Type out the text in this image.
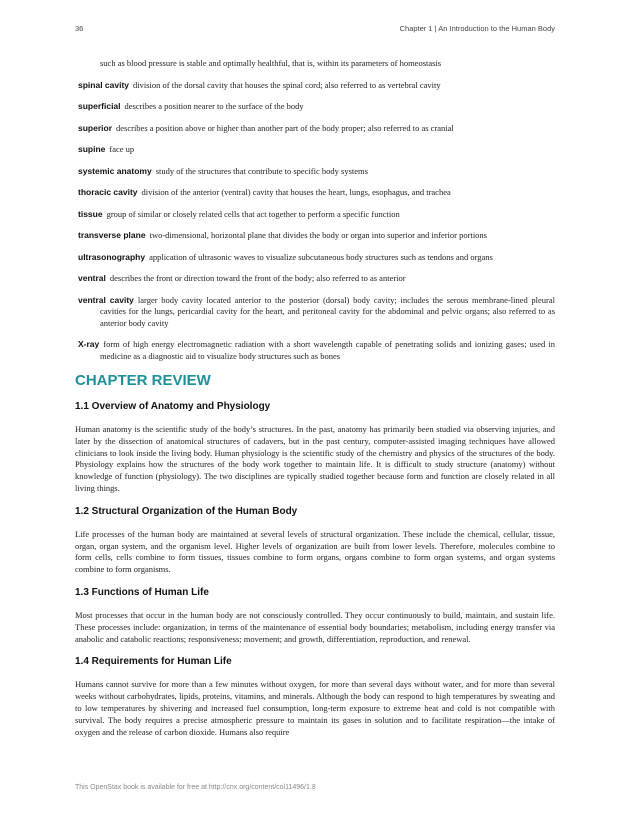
36	Chapter 1 | An Introduction to the Human Body

such as blood pressure is stable and optimally healthful, that is, within its parameters of homeostasis

spinal cavity division of the dorsal cavity that houses the spinal cord; also referred to as vertebral cavity

superficial describes a position nearer to the surface of the body

superior describes a position above or higher than another part of the body proper; also referred to as cranial

supine face up

systemic anatomy study of the structures that contribute to specific body systems

thoracic cavity division of the anterior (ventral) cavity that houses the heart, lungs, esophagus, and trachea

tissue group of similar or closely related cells that act together to perform a specific function

transverse plane two-dimensional, horizontal plane that divides the body or organ into superior and inferior portions

ultrasonography application of ultrasonic waves to visualize subcutaneous body structures such as tendons and organs

ventral describes the front or direction toward the front of the body; also referred to as anterior

ventral cavity larger body cavity located anterior to the posterior (dorsal) body cavity; includes the serous membrane-lined pleural cavities for the lungs, pericardial cavity for the heart, and peritoneal cavity for the abdominal and pelvic organs; also referred to as anterior body cavity

X-ray form of high energy electromagnetic radiation with a short wavelength capable of penetrating solids and ionizing gases; used in medicine as a diagnostic aid to visualize body structures such as bones

CHAPTER REVIEW
1.1 Overview of Anatomy and Physiology

Human anatomy is the scientific study of the body’s structures. In the past, anatomy has primarily been studied via observing injuries, and later by the dissection of anatomical structures of cadavers, but in the past century, computer-assisted imaging techniques have allowed clinicians to look inside the living body. Human physiology is the scientific study of the chemistry and physics of the structures of the body. Physiology explains how the structures of the body work together to maintain life. It is difficult to study structure (anatomy) without knowledge of function (physiology). The two disciplines are typically studied together because form and function are closely related in all living things.

1.2 Structural Organization of the Human Body

Life processes of the human body are maintained at several levels of structural organization. These include the chemical, cellular, tissue, organ, organ system, and the organism level. Higher levels of organization are built from lower levels. Therefore, molecules combine to form cells, cells combine to form tissues, tissues combine to form organs, organs combine to form organ systems, and organ systems combine to form organisms.

1.3 Functions of Human Life

Most processes that occur in the human body are not consciously controlled. They occur continuously to build, maintain, and sustain life. These processes include: organization, in terms of the maintenance of essential body boundaries; metabolism, including energy transfer via anabolic and catabolic reactions; responsiveness; movement; and growth, differentiation, reproduction, and renewal.

1.4 Requirements for Human Life

Humans cannot survive for more than a few minutes without oxygen, for more than several days without water, and for more than several weeks without carbohydrates, lipids, proteins, vitamins, and minerals. Although the body can respond to high temperatures by sweating and to low temperatures by shivering and increased fuel consumption, long-term exposure to extreme heat and cold is not compatible with survival. The body requires a precise atmospheric pressure to maintain its gases in solution and to facilitate respiration—the intake of oxygen and the release of carbon dioxide. Humans also require

This OpenStax book is available for free at http://cnx.org/content/col11496/1.8
